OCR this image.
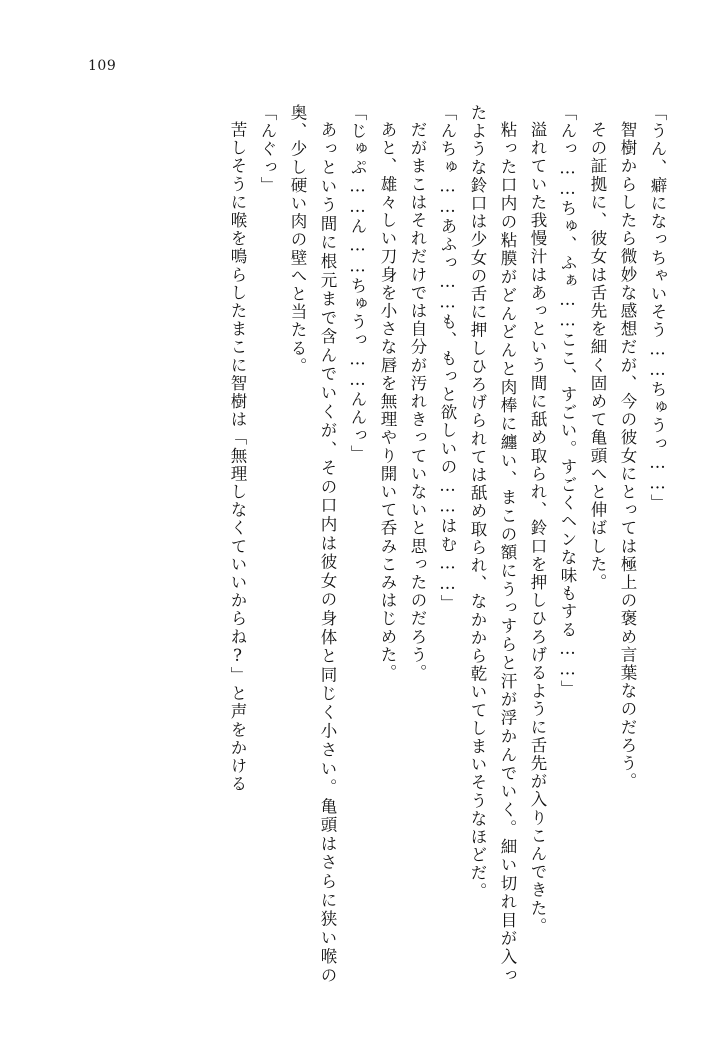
109

「うん、癖になっちゃいそう……ちゅうっ……」

智樹からしたら微妙な感想だが、今の彼女にとっては極上の褒め言葉なのだろう。

その証拠に、彼女は舌先を細く固めて亀頭へと伸ばした。

「んっ……ちゅ、ふぁ……ここ、すごい。すごくヘンな味もする……」

溢れていた我慢汁はあっという間に舐め取られ、鈴口を押しひろげるように舌先が入りこんできた。

粘った口内の粘膜がどんどんと肉棒に纏い、まこの額にうっすらと汗が浮かんでいく。細い切れ目が入ったような鈴口は少女の舌に押しひろげられては舐め取られ、なかから乾いてしまいそうなほどだ。

「んちゅ……あふっ……も、もっと欲しいの……はむ……」

だがまこはそれだけでは自分が汚れきっていないと思ったのだろう。

あと、雄々しい刀身を小さな唇を無理やり開いて呑みこみはじめた。

「じゅぷ……ん……ちゅうっ……んんっ」

あっという間に根元まで含んでいくが、その口内は彼女の身体と同じく小さい。亀頭はさらに狭い喉の奥、少し硬い肉の壁へと当たる。

「んぐっ」

苦しそうに喉を鳴らしたまこに智樹は「無理しなくていいからね?」と声をかける
